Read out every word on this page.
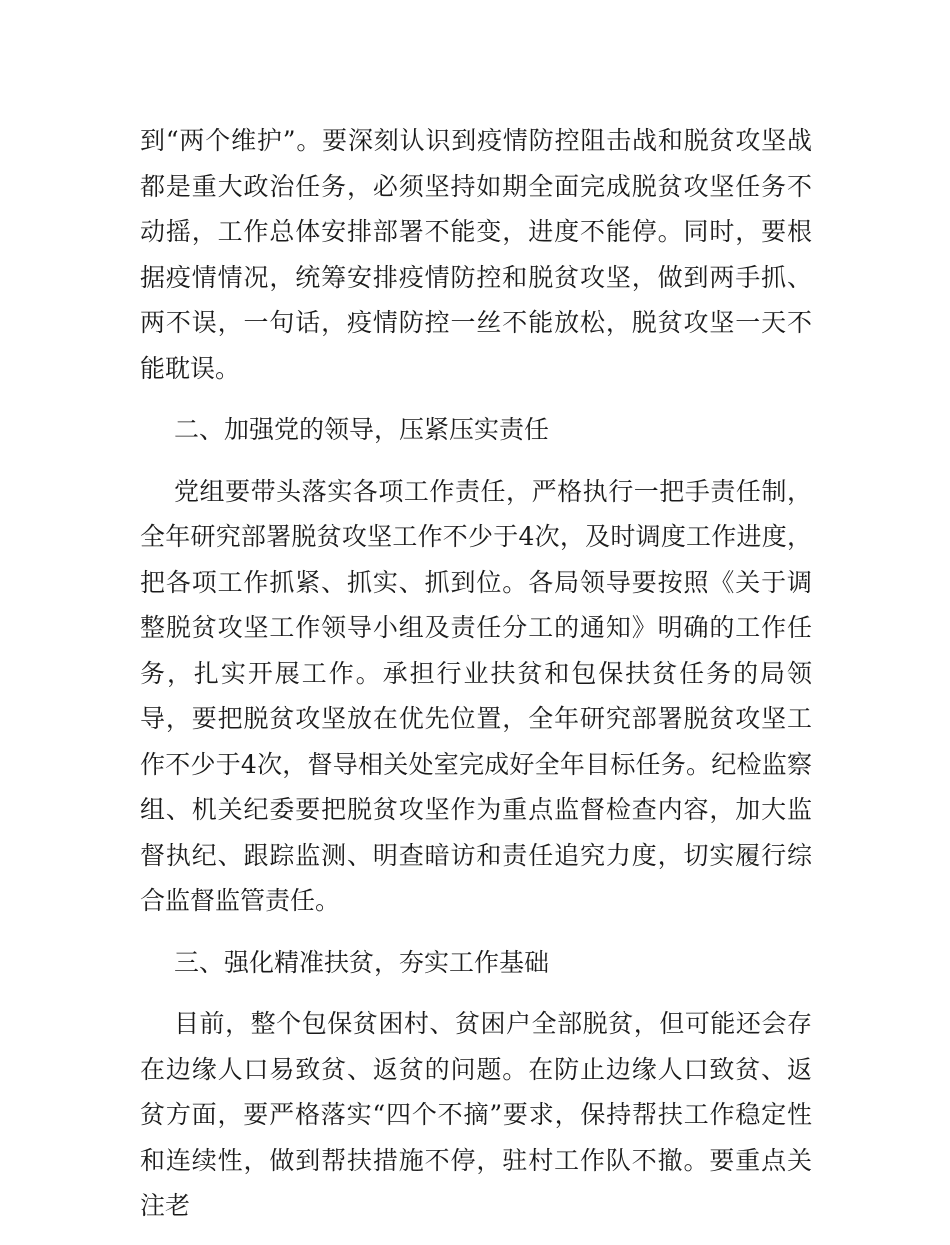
到“两个维护”。要深刻认识到疫情防控阻击战和脱贫攻坚战都是重大政治任务，必须坚持如期全面完成脱贫攻坚任务不动摇，工作总体安排部署不能变，进度不能停。同时，要根据疫情情况，统筹安排疫情防控和脱贫攻坚，做到两手抓、两不误，一句话，疫情防控一丝不能放松，脱贫攻坚一天不能耽误。

二、加强党的领导，压紧压实责任

党组要带头落实各项工作责任，严格执行一把手责任制，全年研究部署脱贫攻坚工作不少于4次，及时调度工作进度，把各项工作抓紧、抓实、抓到位。各局领导要按照《关于调整脱贫攻坚工作领导小组及责任分工的通知》明确的工作任务，扎实开展工作。承担行业扶贫和包保扶贫任务的局领导，要把脱贫攻坚放在优先位置，全年研究部署脱贫攻坚工作不少于4次，督导相关处室完成好全年目标任务。纪检监察组、机关纪委要把脱贫攻坚作为重点监督检查内容，加大监督执纪、跟踪监测、明查暗访和责任追究力度，切实履行综合监督监管责任。

三、强化精准扶贫，夯实工作基础

目前，整个包保贫困村、贫困户全部脱贫，但可能还会存在边缘人口易致贫、返贫的问题。在防止边缘人口致贫、返贫方面，要严格落实“四个不摘”要求，保持帮扶工作稳定性和连续性，做到帮扶措施不停，驻村工作队不撤。要重点关注老
